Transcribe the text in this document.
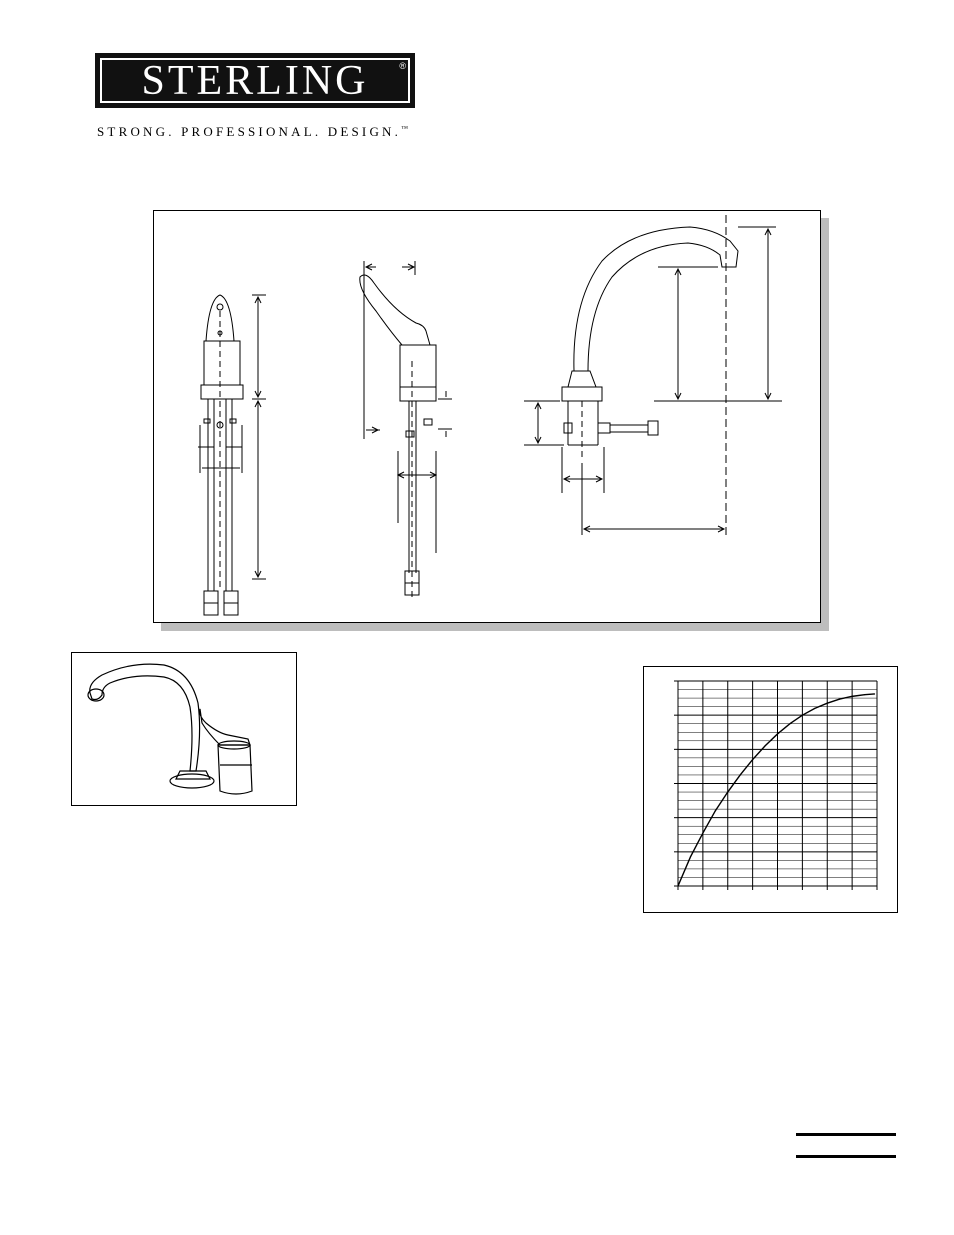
STERLING	®
STRONG. PROFESSIONAL. DESIGN.™
